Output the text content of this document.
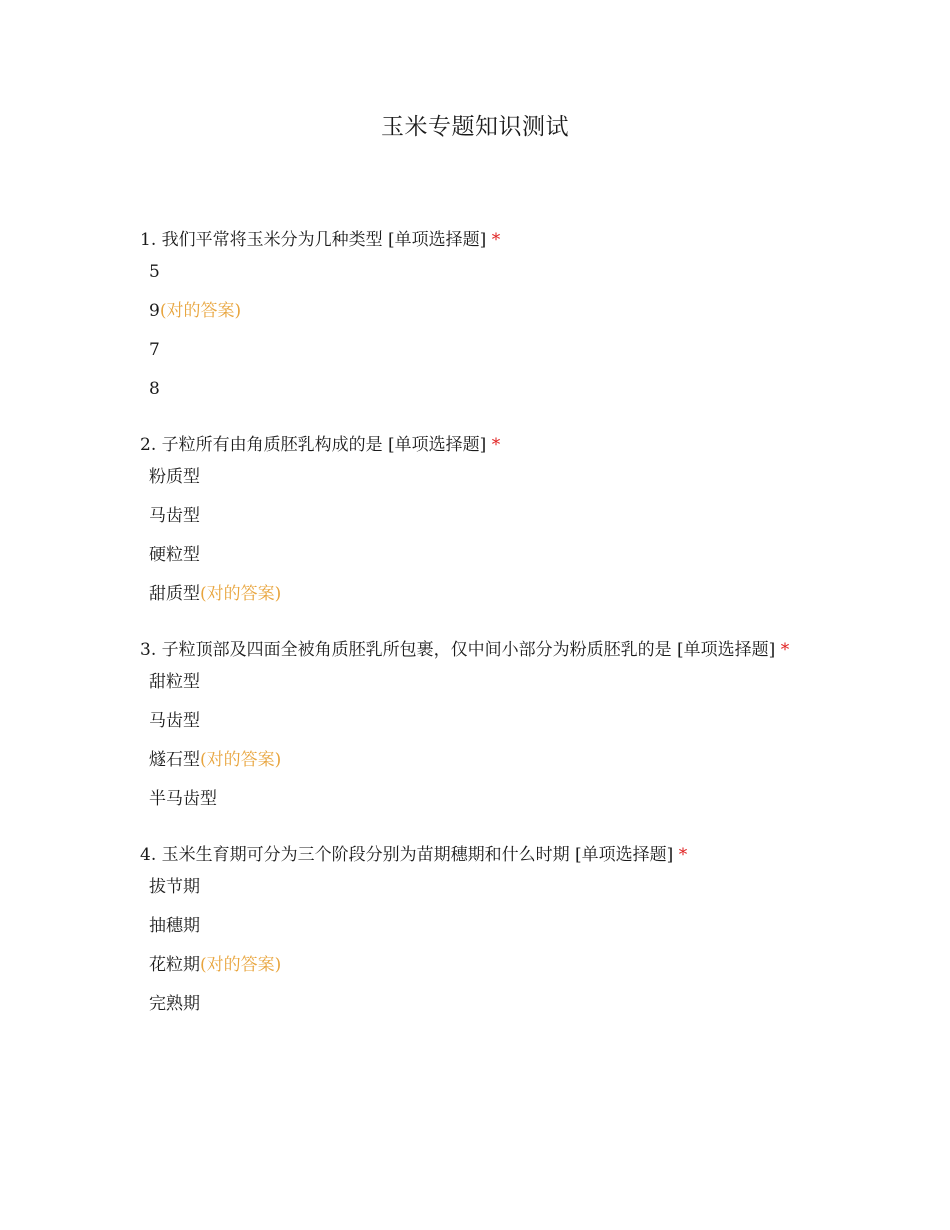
玉米专题知识测试
1. 我们平常将玉米分为几种类型 [单项选择题] *
5
9(对的答案)
7
8
2. 子粒所有由角质胚乳构成的是 [单项选择题] *
粉质型
马齿型
硬粒型
甜质型(对的答案)
3. 子粒顶部及四面全被角质胚乳所包裹，仅中间小部分为粉质胚乳的是 [单项选择题] *
甜粒型
马齿型
燧石型(对的答案)
半马齿型
4. 玉米生育期可分为三个阶段分别为苗期穗期和什么时期 [单项选择题] *
拔节期
抽穗期
花粒期(对的答案)
完熟期
